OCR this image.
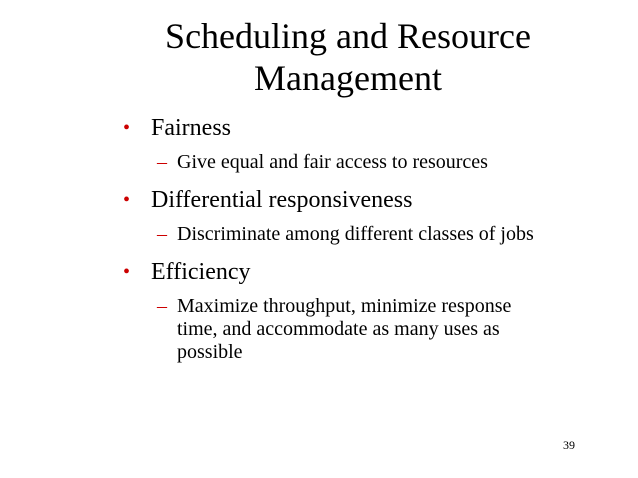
Scheduling and Resource
Management
• Fairness
– Give equal and fair access to resources
• Differential responsiveness
– Discriminate among different classes of jobs
• Efficiency
– Maximize throughput, minimize response
time, and accommodate as many uses as
possible
39
